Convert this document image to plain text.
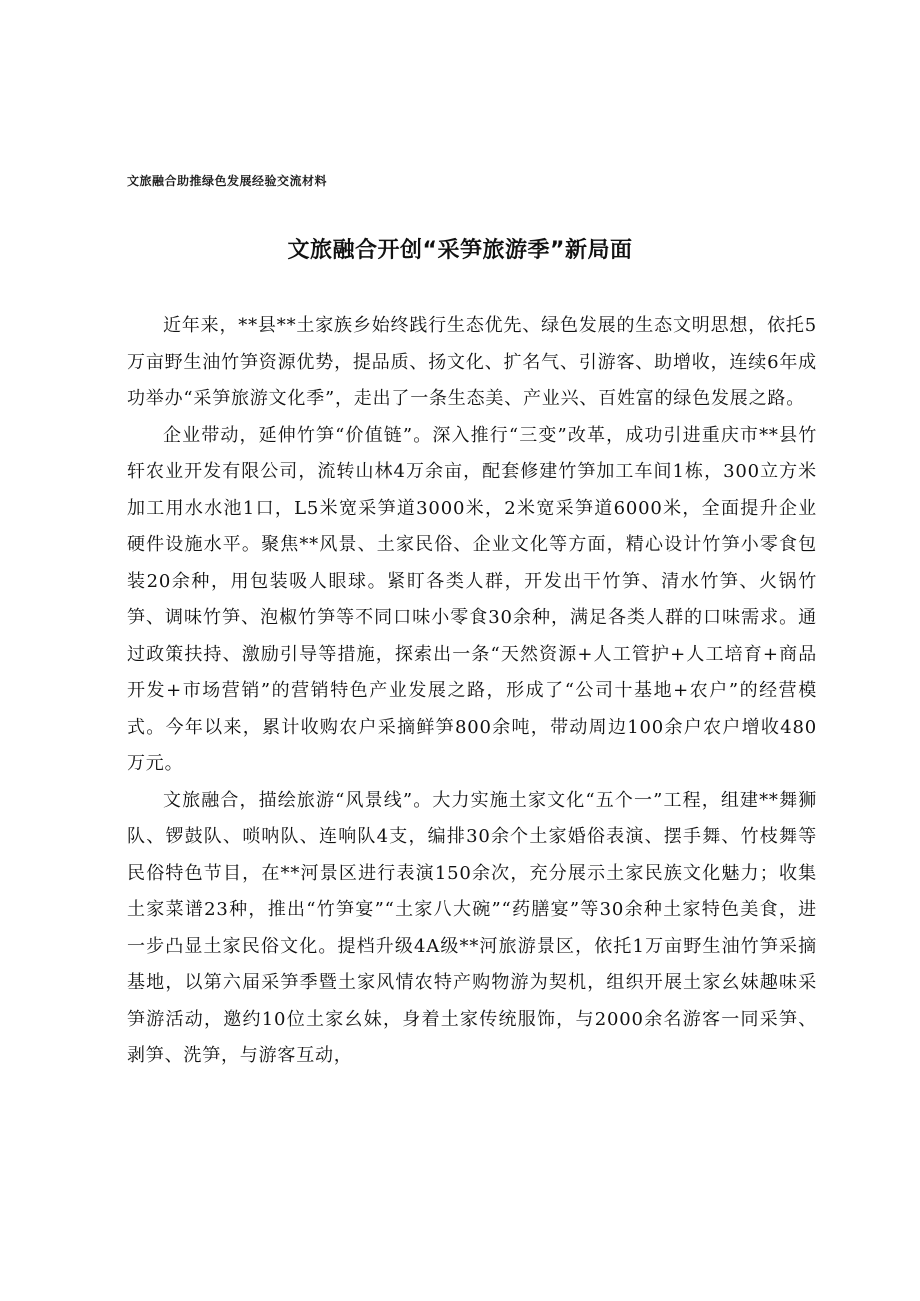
文旅融合助推绿色发展经验交流材料
文旅融合开创“采笋旅游季”新局面

近年来，**县**土家族乡始终践行生态优先、绿色发展的生态文明思想，依托5万亩野生油竹笋资源优势，提品质、扬文化、扩名气、引游客、助增收，连续6年成功举办“采笋旅游文化季”，走出了一条生态美、产业兴、百姓富的绿色发展之路。

企业带动，延伸竹笋“价值链”。深入推行“三变”改革，成功引进重庆市**县竹轩农业开发有限公司，流转山林4万余亩，配套修建竹笋加工车间1栋，300立方米加工用水水池1口，L5米宽采笋道3000米，2米宽采笋道6000米，全面提升企业硬件设施水平。聚焦**风景、土家民俗、企业文化等方面，精心设计竹笋小零食包装20余种，用包装吸人眼球。紧盯各类人群，开发出干竹笋、清水竹笋、火锅竹笋、调味竹笋、泡椒竹笋等不同口味小零食30余种，满足各类人群的口味需求。通过政策扶持、激励引导等措施，探索出一条“天然资源+人工管护+人工培育+商品开发+市场营销”的营销特色产业发展之路，形成了“公司十基地+农户”的经营模式。今年以来，累计收购农户采摘鲜笋800余吨，带动周边100余户农户增收480万元。

文旅融合，描绘旅游“风景线”。大力实施土家文化“五个一”工程，组建**舞狮队、锣鼓队、唢呐队、连响队4支，编排30余个土家婚俗表演、摆手舞、竹枝舞等民俗特色节目，在**河景区进行表演150余次，充分展示土家民族文化魅力；收集土家菜谱23种，推出“竹笋宴”“土家八大碗”“药膳宴”等30余种土家特色美食，进一步凸显土家民俗文化。提档升级4A级**河旅游景区，依托1万亩野生油竹笋采摘基地，以第六届采笋季暨土家风情农特产购物游为契机，组织开展土家幺妹趣味采笋游活动，邀约10位土家幺妹，身着土家传统服饰，与2000余名游客一同采笋、剥笋、洗笋，与游客互动，
